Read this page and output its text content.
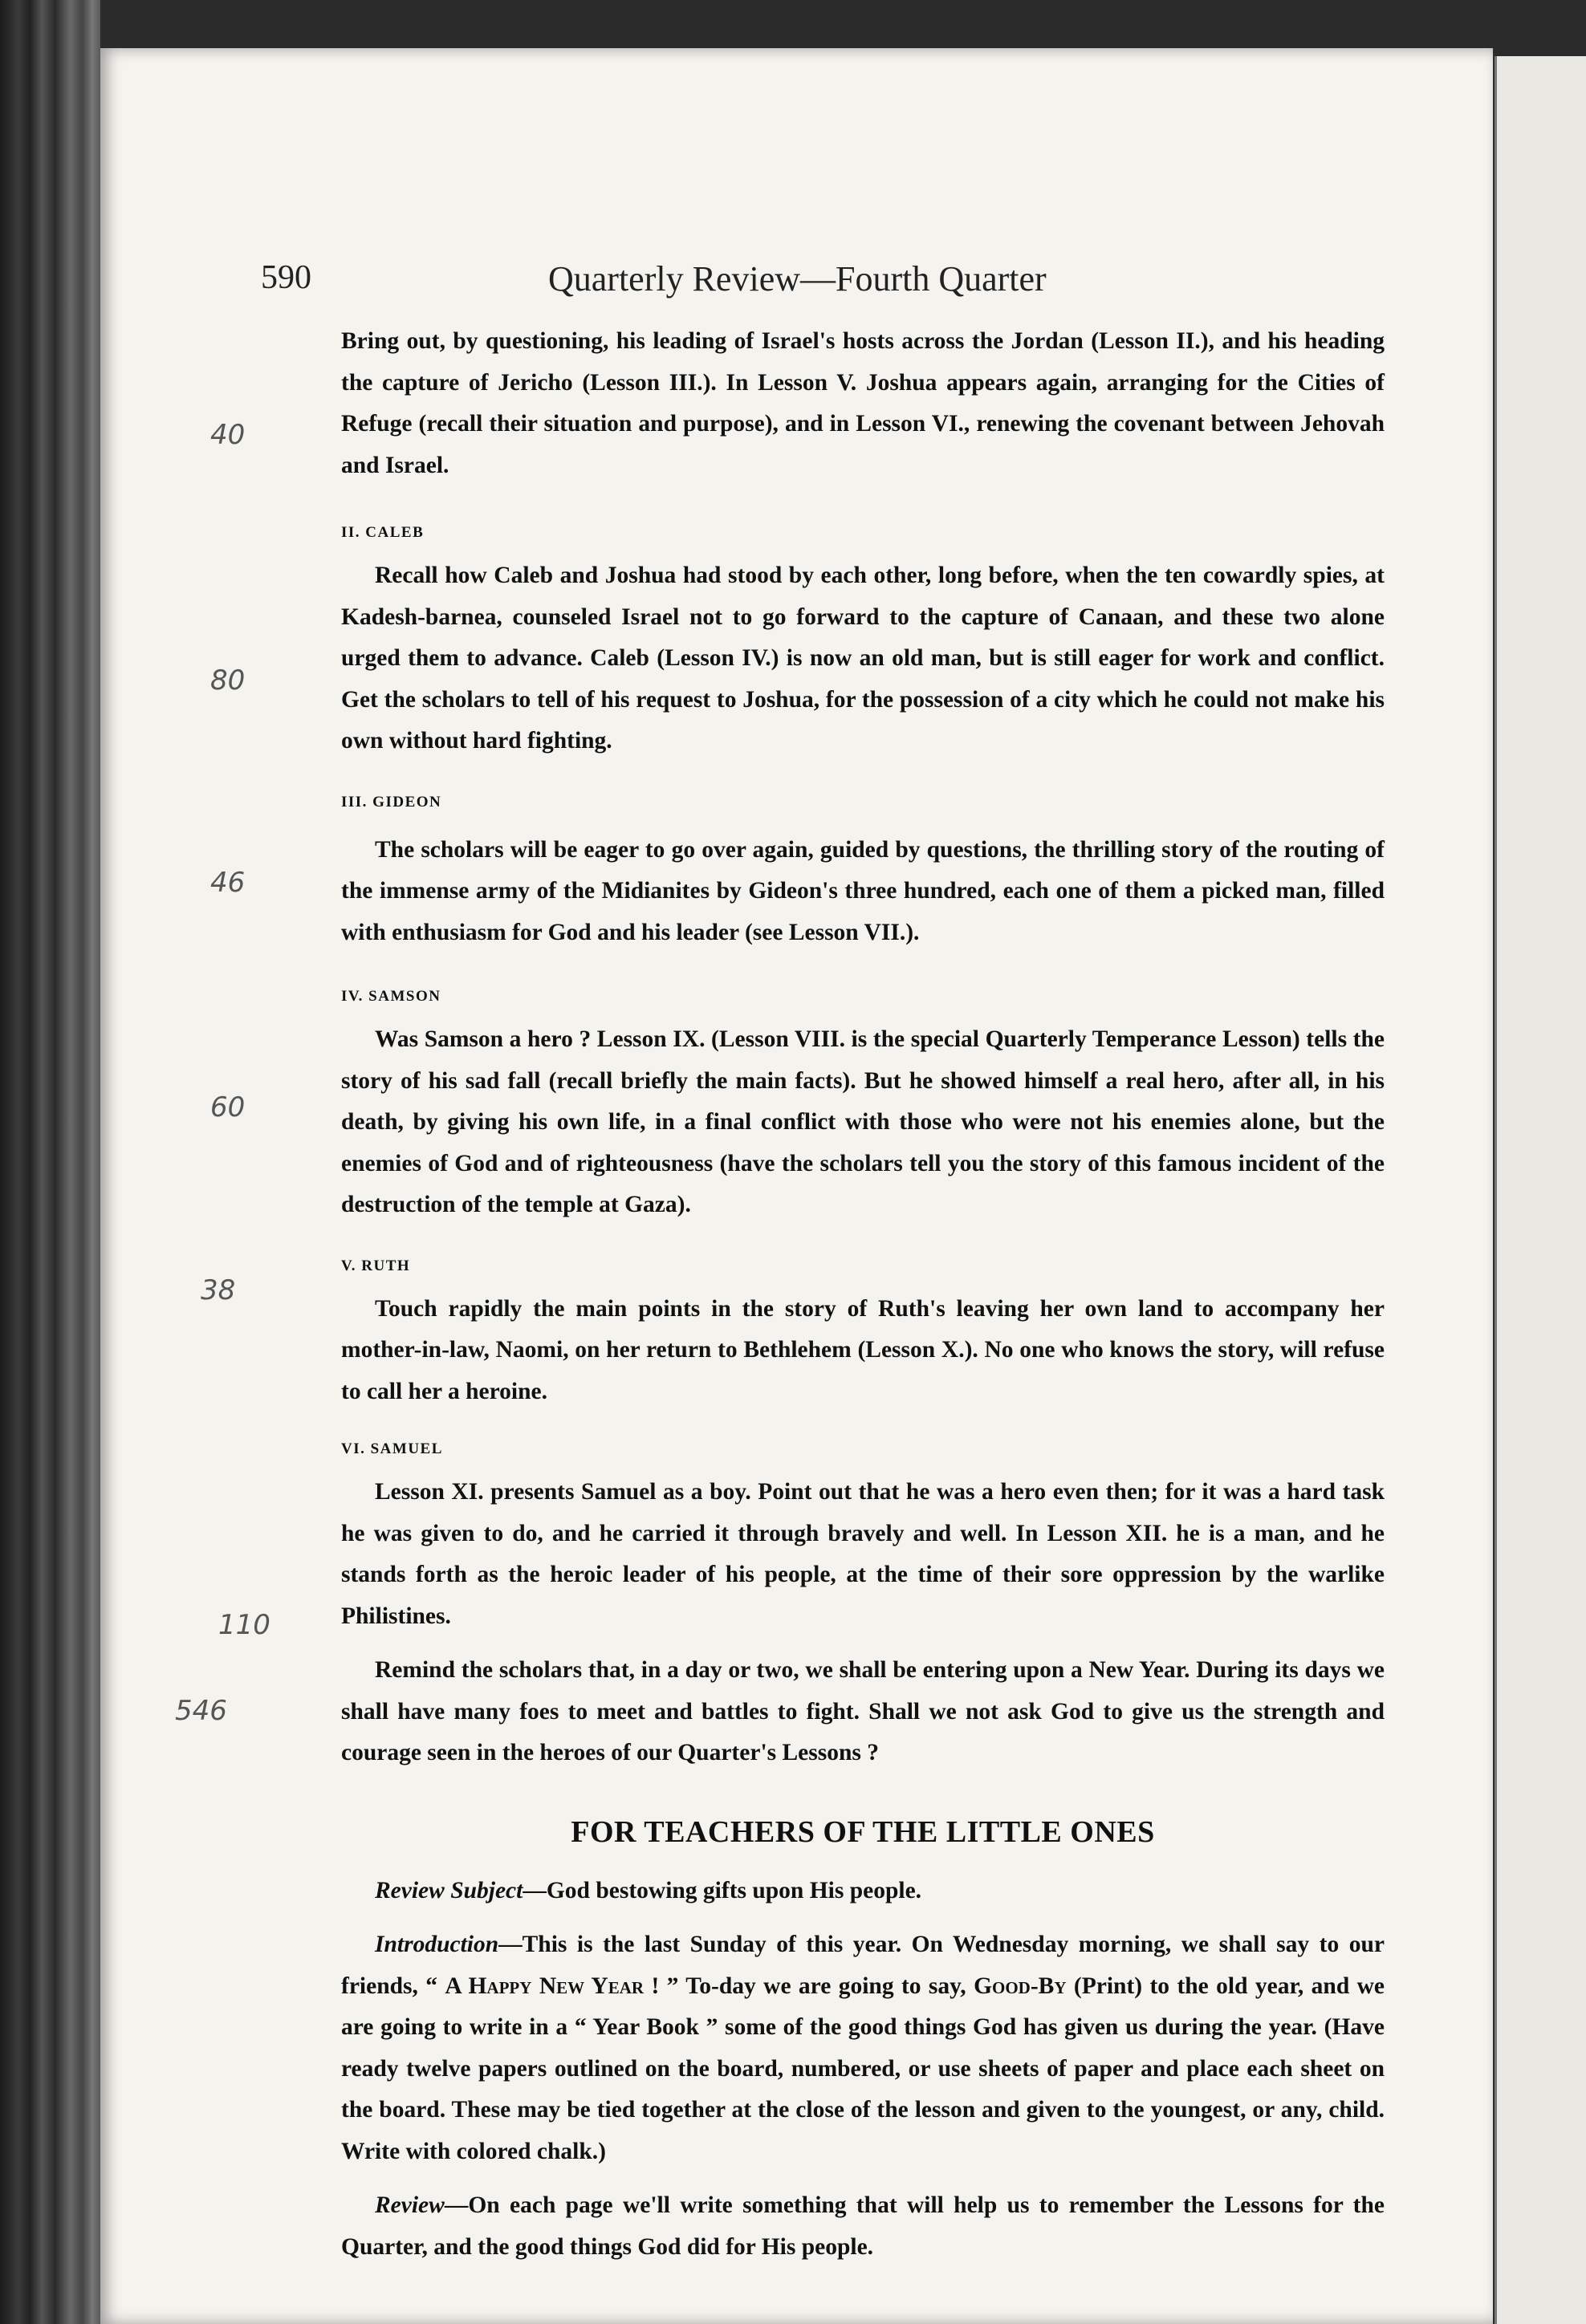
590	Quarterly Review—Fourth Quarter

Bring out, by questioning, his leading of Israel's hosts across the Jordan (Lesson II.), and his heading the capture of Jericho (Lesson III.). In Lesson V. Joshua appears again, arranging for the Cities of Refuge (recall their situation and purpose), and in Lesson VI., renewing the covenant between Jehovah and Israel.

II. CALEB

Recall how Caleb and Joshua had stood by each other, long before, when the ten cowardly spies, at Kadesh-barnea, counseled Israel not to go forward to the capture of Canaan, and these two alone urged them to advance. Caleb (Lesson IV.) is now an old man, but is still eager for work and conflict. Get the scholars to tell of his request to Joshua, for the possession of a city which he could not make his own without hard fighting.

III. GIDEON

The scholars will be eager to go over again, guided by questions, the thrilling story of the routing of the immense army of the Midianites by Gideon's three hundred, each one of them a picked man, filled with enthusiasm for God and his leader (see Lesson VII.).

IV. SAMSON

Was Samson a hero ? Lesson IX. (Lesson VIII. is the special Quarterly Temperance Lesson) tells the story of his sad fall (recall briefly the main facts). But he showed himself a real hero, after all, in his death, by giving his own life, in a final conflict with those who were not his enemies alone, but the enemies of God and of righteousness (have the scholars tell you the story of this famous incident of the destruction of the temple at Gaza).

V. RUTH

Touch rapidly the main points in the story of Ruth's leaving her own land to accompany her mother-in-law, Naomi, on her return to Bethlehem (Lesson X.). No one who knows the story, will refuse to call her a heroine.

VI. SAMUEL

Lesson XI. presents Samuel as a boy. Point out that he was a hero even then; for it was a hard task he was given to do, and he carried it through bravely and well. In Lesson XII. he is a man, and he stands forth as the heroic leader of his people, at the time of their sore oppression by the warlike Philistines.

Remind the scholars that, in a day or two, we shall be entering upon a New Year. During its days we shall have many foes to meet and battles to fight. Shall we not ask God to give us the strength and courage seen in the heroes of our Quarter's Lessons ?

FOR TEACHERS OF THE LITTLE ONES

Review Subject—God bestowing gifts upon His people.

Introduction—This is the last Sunday of this year. On Wednesday morning, we shall say to our friends, “ A Happy New Year ! ” To-day we are going to say, Good-By (Print) to the old year, and we are going to write in a “ Year Book ” some of the good things God has given us during the year. (Have ready twelve papers outlined on the board, numbered, or use sheets of paper and place each sheet on the board. These may be tied together at the close of the lesson and given to the youngest, or any, child. Write with colored chalk.)

Review—On each page we'll write something that will help us to remember the Lessons for the Quarter, and the good things God did for His people.

40
80
46
60
38
110
546
